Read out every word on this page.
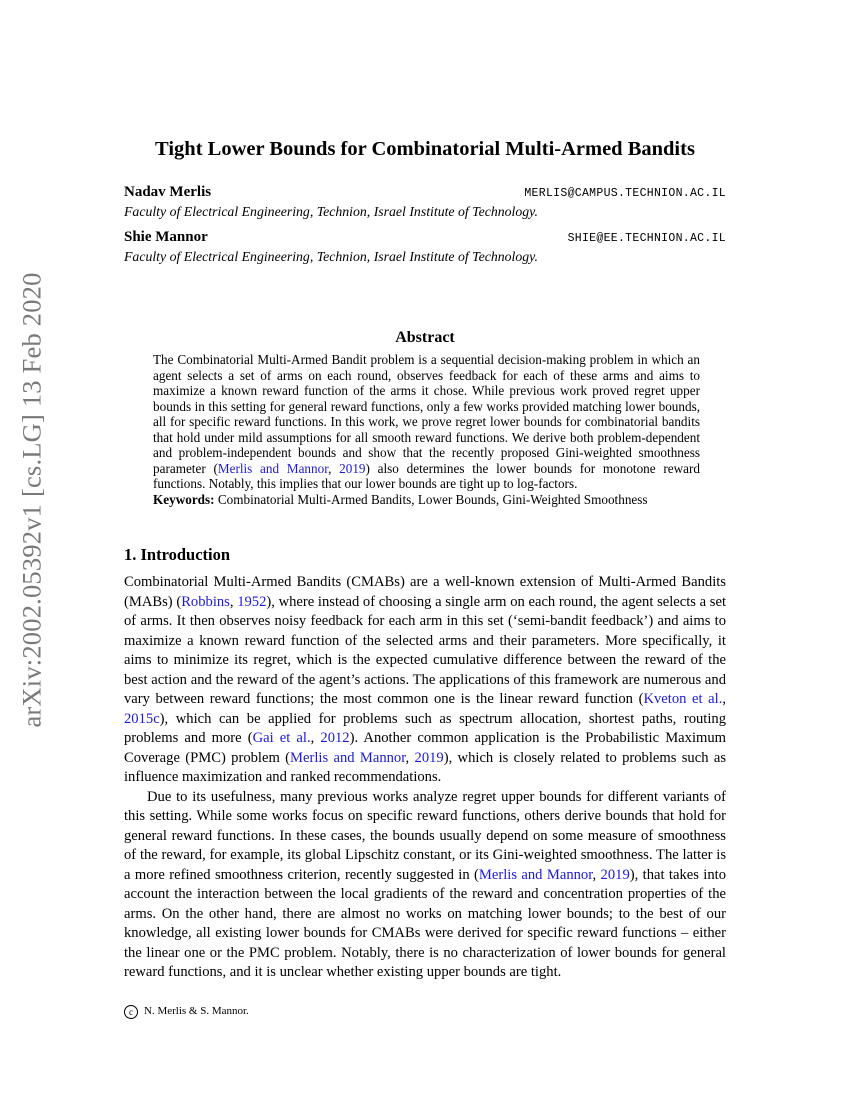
arXiv:2002.05392v1 [cs.LG] 13 Feb 2020
Tight Lower Bounds for Combinatorial Multi-Armed Bandits
Nadav Merlis	MERLIS@CAMPUS.TECHNION.AC.IL
Faculty of Electrical Engineering, Technion, Israel Institute of Technology.
Shie Mannor	SHIE@EE.TECHNION.AC.IL
Faculty of Electrical Engineering, Technion, Israel Institute of Technology.
Abstract

The Combinatorial Multi-Armed Bandit problem is a sequential decision-making problem in which an agent selects a set of arms on each round, observes feedback for each of these arms and aims to maximize a known reward function of the arms it chose. While previous work proved regret upper bounds in this setting for general reward functions, only a few works provided matching lower bounds, all for specific reward functions. In this work, we prove regret lower bounds for combinatorial bandits that hold under mild assumptions for all smooth reward functions. We derive both problem-dependent and problem-independent bounds and show that the recently proposed Gini-weighted smoothness parameter (Merlis and Mannor, 2019) also determines the lower bounds for monotone reward functions. Notably, this implies that our lower bounds are tight up to log-factors.

Keywords: Combinatorial Multi-Armed Bandits, Lower Bounds, Gini-Weighted Smoothness

1. Introduction

Combinatorial Multi-Armed Bandits (CMABs) are a well-known extension of Multi-Armed Bandits (MABs) (Robbins, 1952), where instead of choosing a single arm on each round, the agent selects a set of arms. It then observes noisy feedback for each arm in this set (‘semi-bandit feedback’) and aims to maximize a known reward function of the selected arms and their parameters. More specifically, it aims to minimize its regret, which is the expected cumulative difference between the reward of the best action and the reward of the agent’s actions. The applications of this framework are numerous and vary between reward functions; the most common one is the linear reward function (Kveton et al., 2015c), which can be applied for problems such as spectrum allocation, shortest paths, routing problems and more (Gai et al., 2012). Another common application is the Probabilistic Maximum Coverage (PMC) problem (Merlis and Mannor, 2019), which is closely related to problems such as influence maximization and ranked recommendations.

Due to its usefulness, many previous works analyze regret upper bounds for different variants of this setting. While some works focus on specific reward functions, others derive bounds that hold for general reward functions. In these cases, the bounds usually depend on some measure of smoothness of the reward, for example, its global Lipschitz constant, or its Gini-weighted smoothness. The latter is a more refined smoothness criterion, recently suggested in (Merlis and Mannor, 2019), that takes into account the interaction between the local gradients of the reward and concentration properties of the arms. On the other hand, there are almost no works on matching lower bounds; to the best of our knowledge, all existing lower bounds for CMABs were derived for specific reward functions – either the linear one or the PMC problem. Notably, there is no characterization of lower bounds for general reward functions, and it is unclear whether existing upper bounds are tight.

c N. Merlis & S. Mannor.
